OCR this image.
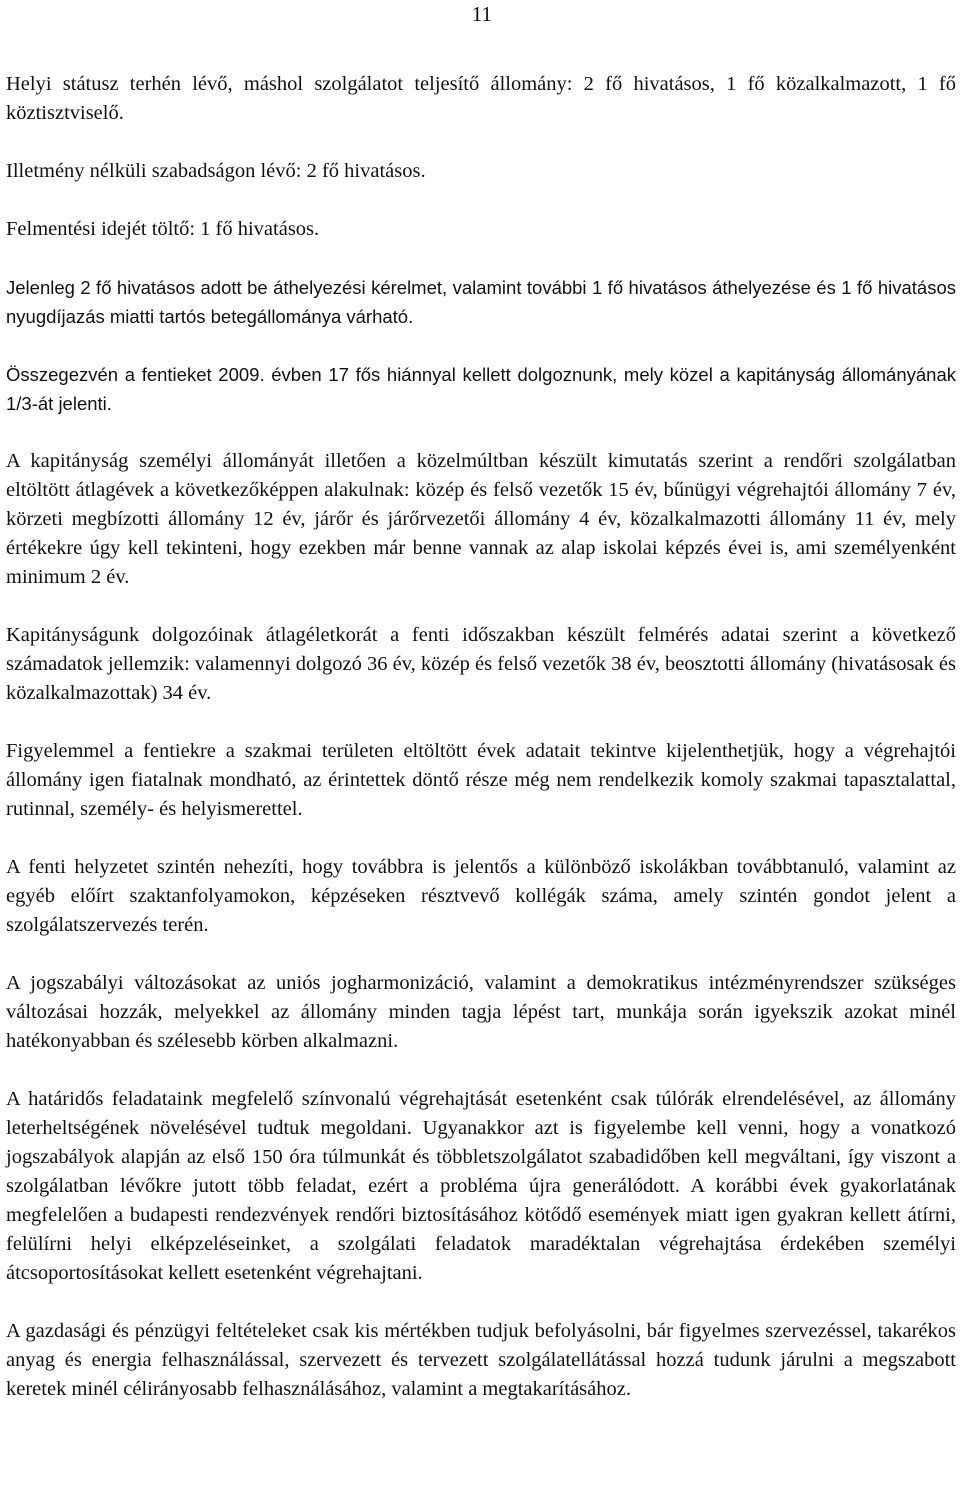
11

Helyi státusz terhén lévő, máshol szolgálatot teljesítő állomány: 2 fő hivatásos, 1 fő közalkalmazott, 1 fő köztisztviselő.

Illetmény nélküli szabadságon lévő: 2 fő hivatásos.

Felmentési idejét töltő: 1 fő hivatásos.

Jelenleg 2 fő hivatásos adott be áthelyezési kérelmet, valamint további 1 fő hivatásos áthelyezése és 1 fő hivatásos nyugdíjazás miatti tartós betegállománya várható.

Összegezvén a fentieket 2009. évben 17 fős hiánnyal kellett dolgoznunk, mely közel a kapitányság állományának 1/3-át jelenti.

A kapitányság személyi állományát illetően a közelmúltban készült kimutatás szerint a rendőri szolgálatban eltöltött átlagévek a következőképpen alakulnak: közép és felső vezetők 15 év, bűnügyi végrehajtói állomány 7 év, körzeti megbízotti állomány 12 év, járőr és járőrvezetői állomány 4 év, közalkalmazotti állomány 11 év, mely értékekre úgy kell tekinteni, hogy ezekben már benne vannak az alap iskolai képzés évei is, ami személyenként minimum 2 év.

Kapitányságunk dolgozóinak átlagéletkorát a fenti időszakban készült felmérés adatai szerint a következő számadatok jellemzik: valamennyi dolgozó 36 év, közép és felső vezetők 38 év, beosztotti állomány (hivatásosak és közalkalmazottak) 34 év.

Figyelemmel a fentiekre a szakmai területen eltöltött évek adatait tekintve kijelenthetjük, hogy a végrehajtói állomány igen fiatalnak mondható, az érintettek döntő része még nem rendelkezik komoly szakmai tapasztalattal, rutinnal, személy- és helyismerettel.

A fenti helyzetet szintén nehezíti, hogy továbbra is jelentős a különböző iskolákban továbbtanuló, valamint az egyéb előírt szaktanfolyamokon, képzéseken résztvevő kollégák száma, amely szintén gondot jelent a szolgálatszervezés terén.

A jogszabályi változásokat az uniós jogharmonizáció, valamint a demokratikus intézményrendszer szükséges változásai hozzák, melyekkel az állomány minden tagja lépést tart, munkája során igyekszik azokat minél hatékonyabban és szélesebb körben alkalmazni.

A határidős feladataink megfelelő színvonalú végrehajtását esetenként csak túlórák elrendelésével, az állomány leterheltségének növelésével tudtuk megoldani. Ugyanakkor azt is figyelembe kell venni, hogy a vonatkozó jogszabályok alapján az első 150 óra túlmunkát és többletszolgálatot szabadidőben kell megváltani, így viszont a szolgálatban lévőkre jutott több feladat, ezért a probléma újra generálódott. A korábbi évek gyakorlatának megfelelően a budapesti rendezvények rendőri biztosításához kötődő események miatt igen gyakran kellett átírni, felülírni helyi elképzeléseinket, a szolgálati feladatok maradéktalan végrehajtása érdekében személyi átcsoportosításokat kellett esetenként végrehajtani.

A gazdasági és pénzügyi feltételeket csak kis mértékben tudjuk befolyásolni, bár figyelmes szervezéssel, takarékos anyag és energia felhasználással, szervezett és tervezett szolgálatellátással hozzá tudunk járulni a megszabott keretek minél célirányosabb felhasználásához, valamint a megtakarításához.
